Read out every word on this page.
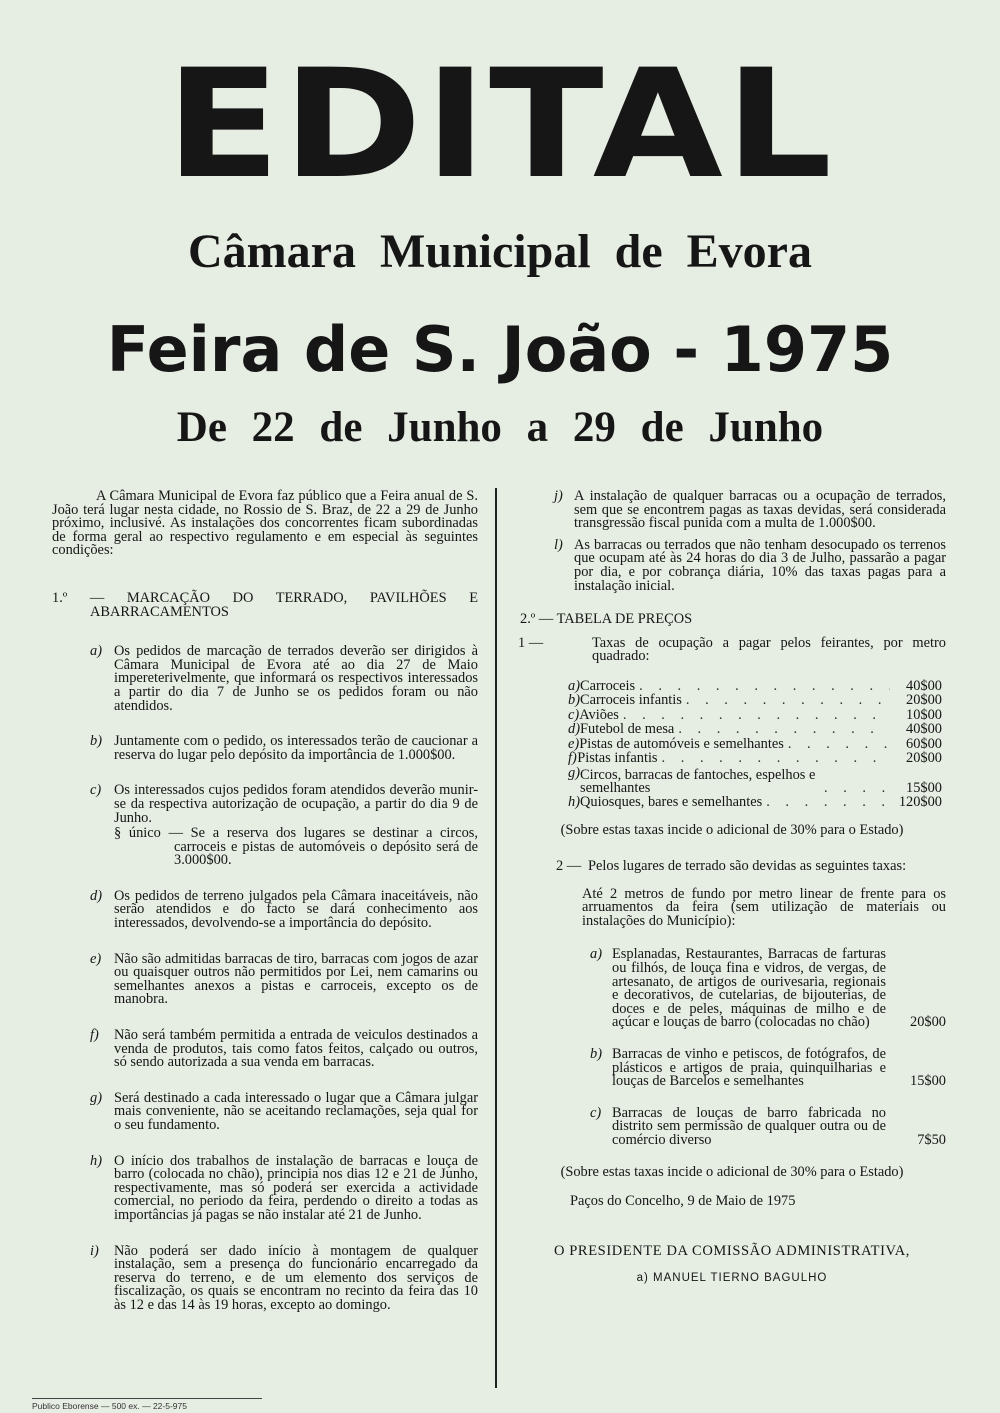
EDITAL
Câmara Municipal de Evora
Feira de S. João - 1975
De 22 de Junho a 29 de Junho

A Câmara Municipal de Evora faz público que a Feira anual de S. João terá lugar nesta cidade, no Rossio de S. Braz, de 22 a 29 de Junho próximo, inclusivé. As instalações dos concorrentes ficam subordinadas de forma geral ao respectivo regulamento e em especial às seguintes condições:

1.º — MARCAÇÃO DO TERRADO, PAVILHÕES E ABARRACAMENTOS

a) Os pedidos de marcação de terrados deverão ser dirigidos à Câmara Municipal de Evora até ao dia 27 de Maio impereterivelmente, que informará os respectivos interessados a partir do dia 7 de Junho se os pedidos foram ou não atendidos.

b) Juntamente com o pedido, os interessados terão de caucionar a reserva do lugar pelo depósito da importância de 1.000$00.

c) Os interessados cujos pedidos foram atendidos deverão munir-se da respectiva autorização de ocupação, a partir do dia 9 de Junho.

§ único — Se a reserva dos lugares se destinar a circos, carroceis e pistas de automóveis o depósito será de 3.000$00.

d) Os pedidos de terreno julgados pela Câmara inaceitáveis, não serão atendidos e do facto se dará conhecimento aos interessados, devolvendo-se a importância do depósito.

e) Não são admitidas barracas de tiro, barracas com jogos de azar ou quaisquer outros não permitidos por Lei, nem camarins ou semelhantes anexos a pistas e carroceis, excepto os de manobra.

f) Não será também permitida a entrada de veiculos destinados a venda de produtos, tais como fatos feitos, calçado ou outros, só sendo autorizada a sua venda em barracas.

g) Será destinado a cada interessado o lugar que a Câmara julgar mais conveniente, não se aceitando reclamações, seja qual for o seu fundamento.

h) O início dos trabalhos de instalação de barracas e louça de barro (colocada no chão), principia nos dias 12 e 21 de Junho, respectivamente, mas só poderá ser exercida a actividade comercial, no periodo da feira, perdendo o direito a todas as importâncias já pagas se não instalar até 21 de Junho.

i) Não poderá ser dado início à montagem de qualquer instalação, sem a presença do funcionário encarregado da reserva do terreno, e de um elemento dos serviços de fiscalização, os quais se encontram no recinto da feira das 10 às 12 e das 14 às 19 horas, excepto ao domingo.

j) A instalação de qualquer barracas ou a ocupação de terrados, sem que se encontrem pagas as taxas devidas, será considerada transgressão fiscal punida com a multa de 1.000$00.

l) As barracas ou terrados que não tenham desocupado os terrenos que ocupam até às 24 horas do dia 3 de Julho, passarão a pagar por dia, e por cobrança diária, 10% das taxas pagas para a instalação inicial.

2.º — TABELA DE PREÇOS

1 —	Taxas de ocupação a pagar pelos feirantes, por metro quadrado:

a) Carroceis . . .	40$00
b) Carroceis infantis . . .	20$00
c) Aviões . . .	10$00
d) Futebol de mesa . . .	40$00
e) Pistas de automóveis e semelhantes . . .	60$00
f) Pistas infantis . . .	20$00
g) Circos, barracas de fantoches, espelhos e semelhantes . . .	15$00
h) Quiosques, bares e semelhantes . . .	120$00

(Sobre estas taxas incide o adicional de 30% para o Estado)

2 — Pelos lugares de terrado são devidas as seguintes taxas:

Até 2 metros de fundo por metro linear de frente para os arruamentos da feira (sem utilização de materiais ou instalações do Município):

a) Esplanadas, Restaurantes, Barracas de farturas ou filhós, de louça fina e vidros, de vergas, de artesanato, de artigos de ourivesaria, regionais e decorativos, de cutelarias, de bijouterias, de doces e de peles, máquinas de milho e de açúcar e louças de barro (colocadas no chão)	20$00
b) Barracas de vinho e petiscos, de fotógrafos, de plásticos e artigos de praia, quinquilharias e louças de Barcelos e semelhantes	15$00
c) Barracas de louças de barro fabricada no distrito sem permissão de qualquer outra ou de comércio diverso	7$50

(Sobre estas taxas incide o adicional de 30% para o Estado)

Paços do Concelho, 9 de Maio de 1975

O PRESIDENTE DA COMISSÃO ADMINISTRATIVA,

a) MANUEL TIERNO BAGULHO

Publico Eborense — 500 ex. — 22-5-975
